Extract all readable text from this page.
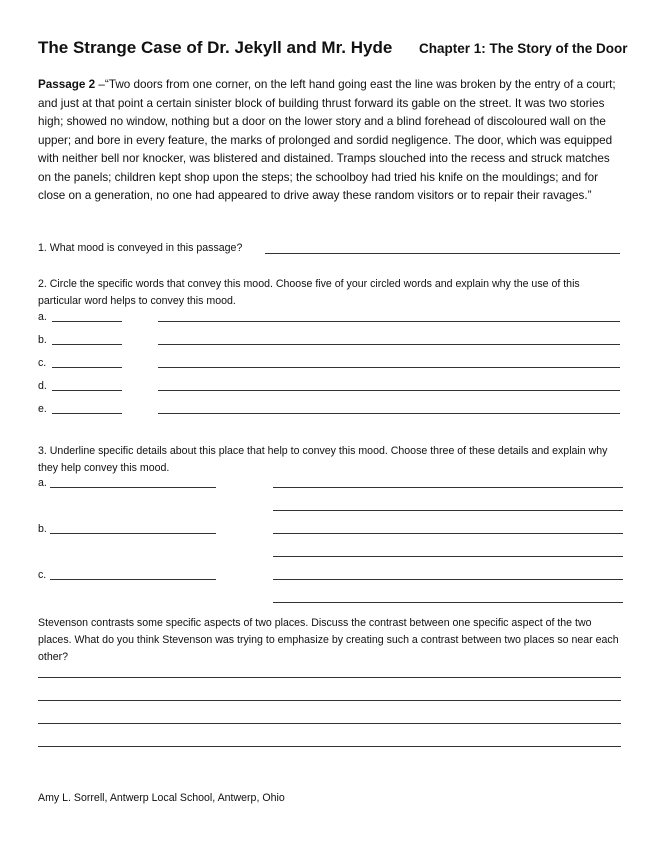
The Strange Case of Dr. Jekyll and Mr. Hyde Chapter 1: The Story of the Door

Passage 2 –“Two doors from one corner, on the left hand going east the line was broken by the entry of a court; and just at that point a certain sinister block of building thrust forward its gable on the street. It was two stories high; showed no window, nothing but a door on the lower story and a blind forehead of discoloured wall on the upper; and bore in every feature, the marks of prolonged and sordid negligence. The door, which was equipped with neither bell nor knocker, was blistered and distained. Tramps slouched into the recess and struck matches on the panels; children kept shop upon the steps; the schoolboy had tried his knife on the mouldings; and for close on a generation, no one had appeared to drive away these random visitors or to repair their ravages.”

1. What mood is conveyed in this passage?
2. Circle the specific words that convey this mood. Choose five of your circled words and explain why the use of this particular word helps to convey this mood.
a.
b.
c.
d.
e.
3. Underline specific details about this place that help to convey this mood. Choose three of these details and explain why they help convey this mood.
a.
b.
c.
Stevenson contrasts some specific aspects of two places. Discuss the contrast between one specific aspect of the two places. What do you think Stevenson was trying to emphasize by creating such a contrast between two places so near each other?
Amy L. Sorrell, Antwerp Local School, Antwerp, Ohio
